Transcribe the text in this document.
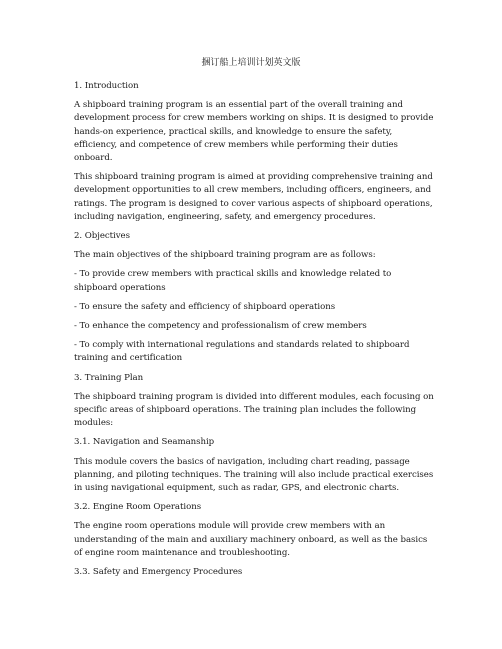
捆订船上培训计划英文版

1. Introduction

A shipboard training program is an essential part of the overall training and development process for crew members working on ships. It is designed to provide hands-on experience, practical skills, and knowledge to ensure the safety, efficiency, and competence of crew members while performing their duties onboard.

This shipboard training program is aimed at providing comprehensive training and development opportunities to all crew members, including officers, engineers, and ratings. The program is designed to cover various aspects of shipboard operations, including navigation, engineering, safety, and emergency procedures.

2. Objectives

The main objectives of the shipboard training program are as follows:

- To provide crew members with practical skills and knowledge related to shipboard operations

- To ensure the safety and efficiency of shipboard operations

- To enhance the competency and professionalism of crew members

- To comply with international regulations and standards related to shipboard training and certification

3. Training Plan

The shipboard training program is divided into different modules, each focusing on specific areas of shipboard operations. The training plan includes the following modules:

3.1. Navigation and Seamanship

This module covers the basics of navigation, including chart reading, passage planning, and piloting techniques. The training will also include practical exercises in using navigational equipment, such as radar, GPS, and electronic charts.

3.2. Engine Room Operations

The engine room operations module will provide crew members with an understanding of the main and auxiliary machinery onboard, as well as the basics of engine room maintenance and troubleshooting.

3.3. Safety and Emergency Procedures
